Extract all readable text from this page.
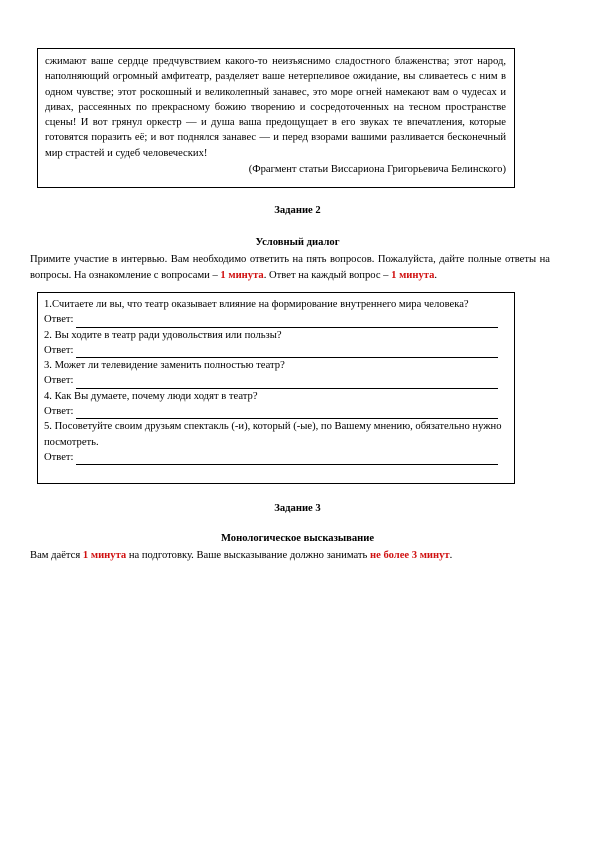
сжимают ваше сердце предчувствием какого-то неизъяснимо сладостного блаженства; этот народ, наполняющий огромный амфитеатр, разделяет ваше нетерпеливое ожидание, вы сливаетесь с ним в одном чувстве; этот роскошный и великолепный занавес, это море огней намекают вам о чудесах и дивах, рассеянных по прекрасному божию творению и сосредоточенных на тесном пространстве сцены! И вот грянул оркестр — и душа ваша предощущает в его звуках те впечатления, которые готовятся поразить её; и вот поднялся занавес — и перед взорами вашими разливается бесконечный мир страстей и судеб человеческих!

(Фрагмент статьи Виссариона Григорьевича Белинского)

Задание 2
Условный диалог

Примите участие в интервью. Вам необходимо ответить на пять вопросов. Пожалуйста, дайте полные ответы на вопросы. На ознакомление с вопросами – 1 минута. Ответ на каждый вопрос – 1 минута.

1.Считаете ли вы, что театр оказывает влияние на формирование внутреннего мира человека?

Ответ:

2. Вы ходите в театр ради удовольствия или пользы?

Ответ:

3. Может ли телевидение заменить полностью театр?

Ответ:

4. Как Вы думаете, почему люди ходят в театр?

Ответ:

5. Посоветуйте своим друзьям спектакль (-и), который (-ые), по Вашему мнению, обязательно нужно посмотреть.

Ответ:
Задание 3
Монологическое высказывание

Вам даётся 1 минута на подготовку. Ваше высказывание должно занимать не более 3 минут.
